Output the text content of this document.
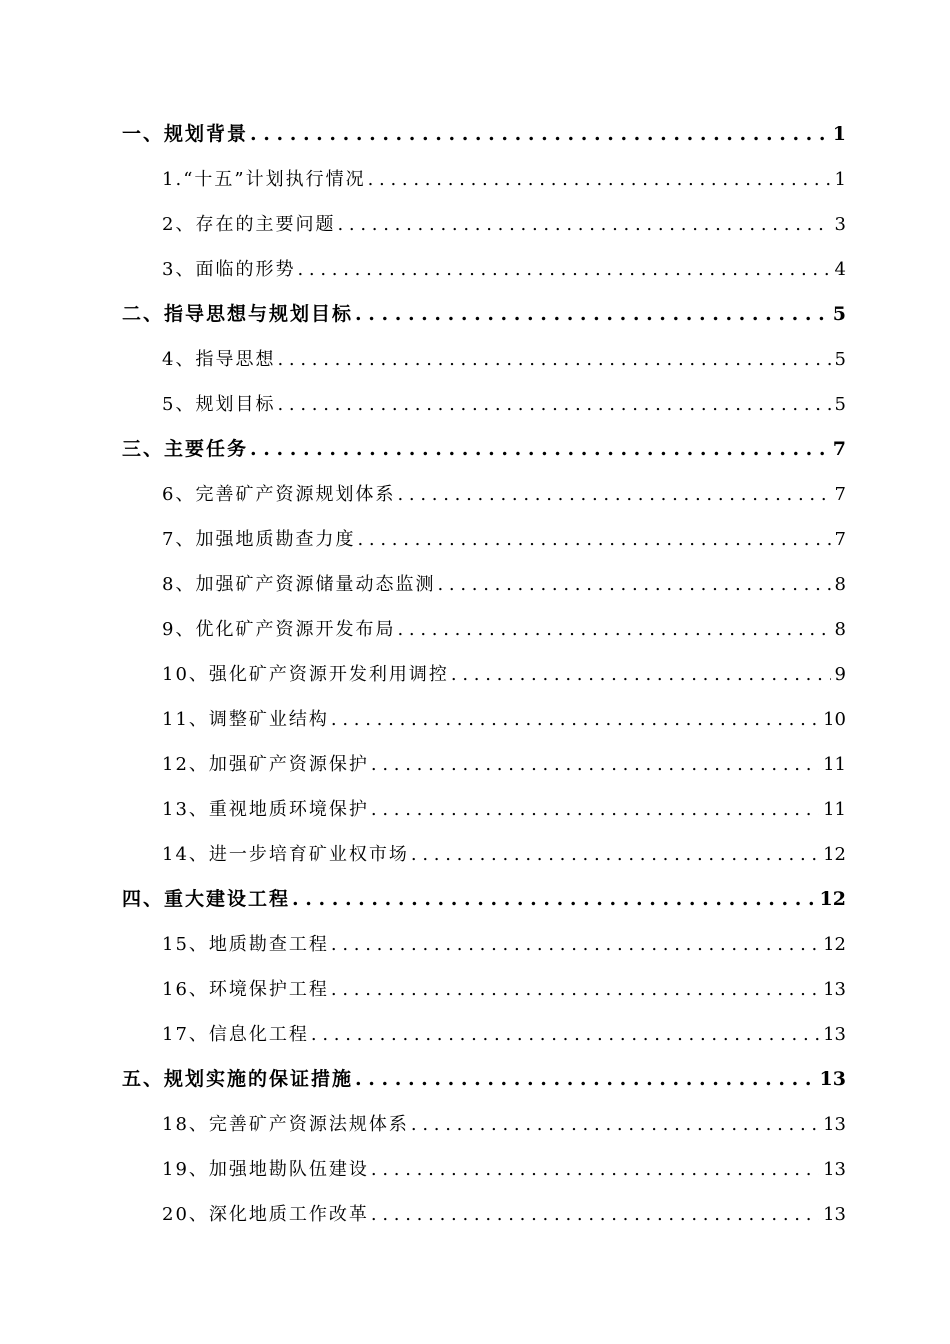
一、 规划背景 . . .	1
1. “十五”计划执行情况 . . .	1
2、 存在的主要问题 . . .	3
3、 面临的形势 . . .	4
二、 指导思想与规划目标 . . .	5
4、 指导思想 . . .	5
5、 规划目标 . . .	5
三、 主要任务 . . .	7
6、 完善矿产资源规划体系 . . .	7
7、 加强地质勘查力度 . . .	7
8、 加强矿产资源储量动态监测 . . .	8
9、 优化矿产资源开发布局 . . .	8
10、 强化矿产资源开发利用调控 . . .	9
11、 调整矿业结构 . . .	10
12、 加强矿产资源保护 . . .	11
13、 重视地质环境保护 . . .	11
14、 进一步培育矿业权市场 . . .	12
四、 重大建设工程 . . .	12
15、 地质勘查工程 . . .	12
16、 环境保护工程 . . .	13
17、 信息化工程 . . .	13
五、 规划实施的保证措施 . . .	13
18、 完善矿产资源法规体系 . . .	13
19、 加强地勘队伍建设 . . .	13
20、 深化地质工作改革 . . .	13
